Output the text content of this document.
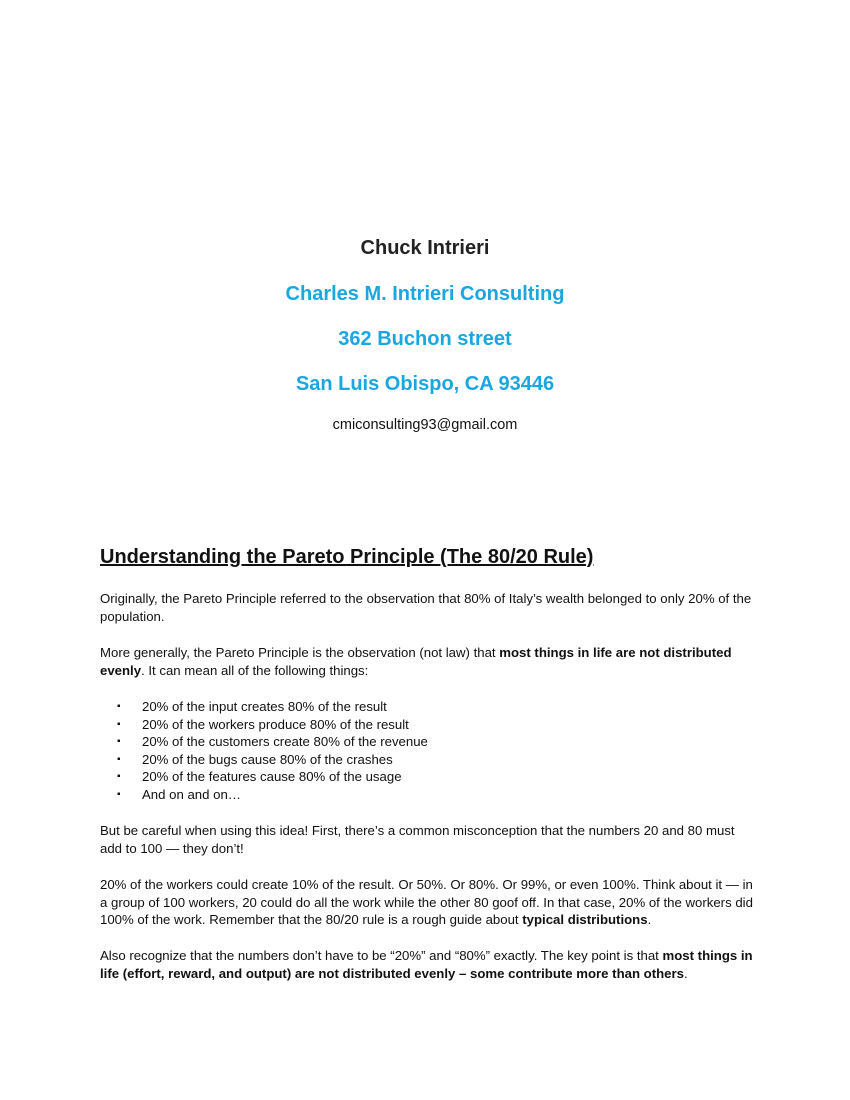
Chuck Intrieri
Charles M. Intrieri Consulting
362 Buchon street
San Luis Obispo, CA 93446
cmiconsulting93@gmail.com
Understanding the Pareto Principle (The 80/20 Rule)
Originally, the Pareto Principle referred to the observation that 80% of Italy’s wealth belonged to only 20% of the population.
More generally, the Pareto Principle is the observation (not law) that most things in life are not distributed evenly. It can mean all of the following things:
▪ 20% of the input creates 80% of the result
▪ 20% of the workers produce 80% of the result
▪ 20% of the customers create 80% of the revenue
▪ 20% of the bugs cause 80% of the crashes
▪ 20% of the features cause 80% of the usage
▪ And on and on…
But be careful when using this idea! First, there’s a common misconception that the numbers 20 and 80 must add to 100 — they don’t!
20% of the workers could create 10% of the result. Or 50%. Or 80%. Or 99%, or even 100%. Think about it — in a group of 100 workers, 20 could do all the work while the other 80 goof off. In that case, 20% of the workers did 100% of the work. Remember that the 80/20 rule is a rough guide about typical distributions.
Also recognize that the numbers don’t have to be “20%” and “80%” exactly. The key point is that most things in life (effort, reward, and output) are not distributed evenly – some contribute more than others.
